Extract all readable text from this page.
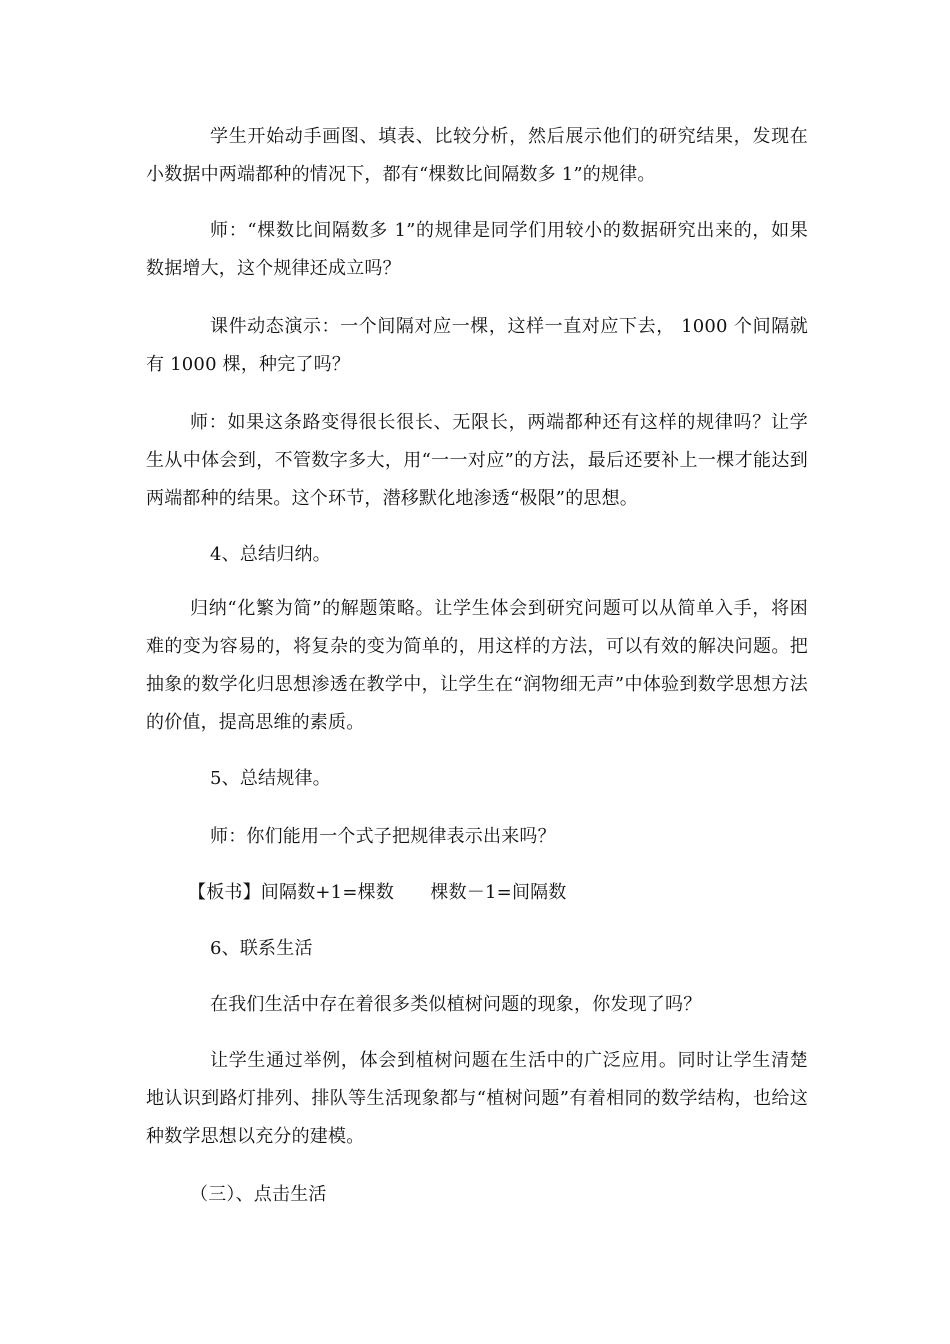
学生开始动手画图、填表、比较分析，然后展示他们的研究结果，发现在小数据中两端都种的情况下，都有“棵数比间隔数多 1”的规律。

师：“棵数比间隔数多 1”的规律是同学们用较小的数据研究出来的，如果数据增大，这个规律还成立吗？

课件动态演示：一个间隔对应一棵，这样一直对应下去， 1000 个间隔就有 1000 棵，种完了吗？

师：如果这条路变得很长很长、无限长，两端都种还有这样的规律吗？让学生从中体会到，不管数字多大，用“一一对应”的方法，最后还要补上一棵才能达到两端都种的结果。这个环节，潜移默化地渗透“极限”的思想。

4、总结归纳。

归纳“化繁为简”的解题策略。让学生体会到研究问题可以从简单入手，将困难的变为容易的，将复杂的变为简单的，用这样的方法，可以有效的解决问题。把抽象的数学化归思想渗透在教学中，让学生在“润物细无声”中体验到数学思想方法的价值，提高思维的素质。

5、总结规律。

师：你们能用一个式子把规律表示出来吗？

【板书】间隔数+1=棵数　　棵数－1=间隔数

6、联系生活

在我们生活中存在着很多类似植树问题的现象，你发现了吗？

让学生通过举例，体会到植树问题在生活中的广泛应用。同时让学生清楚地认识到路灯排列、排队等生活现象都与“植树问题”有着相同的数学结构，也给这种数学思想以充分的建模。

（三）、点击生活
